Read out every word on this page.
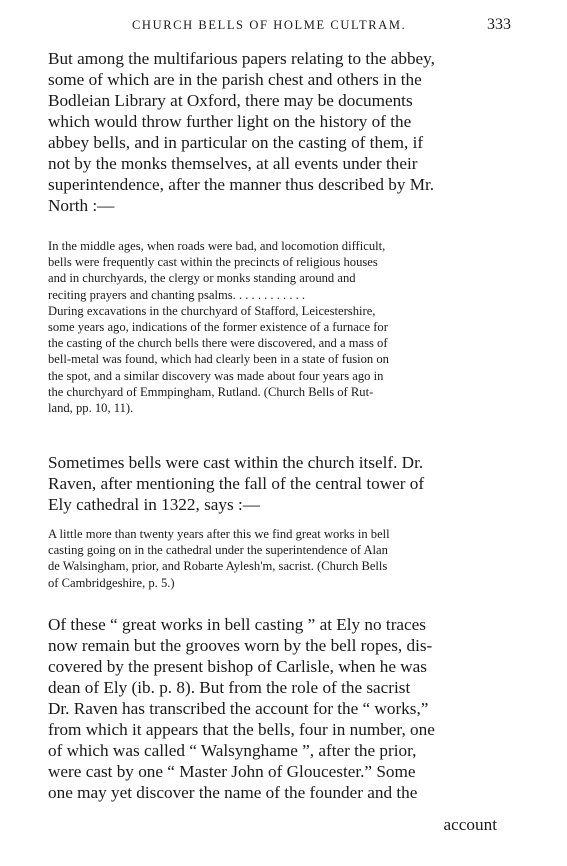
CHURCH BELLS OF HOLME CULTRAM.	333

But among the multifarious papers relating to the abbey,
some of which are in the parish chest and others in the
Bodleian Library at Oxford, there may be documents
which would throw further light on the history of the
abbey bells, and in particular on the casting of them, if
not by the monks themselves, at all events under their
superintendence, after the manner thus described by Mr.
North :—

In the middle ages, when roads were bad, and locomotion difficult,
bells were frequently cast within the precincts of religious houses
and in churchyards, the clergy or monks standing around and
reciting prayers and chanting psalms. . . . . . . . . . . .
During excavations in the churchyard of Stafford, Leicestershire,
some years ago, indications of the former existence of a furnace for
the casting of the church bells there were discovered, and a mass of
bell-metal was found, which had clearly been in a state of fusion on
the spot, and a similar discovery was made about four years ago in
the churchyard of Emmpingham, Rutland. (Church Bells of Rut-
land, pp. 10, 11).

Sometimes bells were cast within the church itself. Dr.
Raven, after mentioning the fall of the central tower of
Ely cathedral in 1322, says :—

A little more than twenty years after this we find great works in bell
casting going on in the cathedral under the superintendence of Alan
de Walsingham, prior, and Robarte Aylesh'm, sacrist. (Church Bells
of Cambridgeshire, p. 5.)

Of these “ great works in bell casting ” at Ely no traces
now remain but the grooves worn by the bell ropes, dis-
covered by the present bishop of Carlisle, when he was
dean of Ely (ib. p. 8). But from the role of the sacrist
Dr. Raven has transcribed the account for the “ works,”
from which it appears that the bells, four in number, one
of which was called “ Walsynghame ”, after the prior,
were cast by one “ Master John of Gloucester.” Some
one may yet discover the name of the founder and the

account
